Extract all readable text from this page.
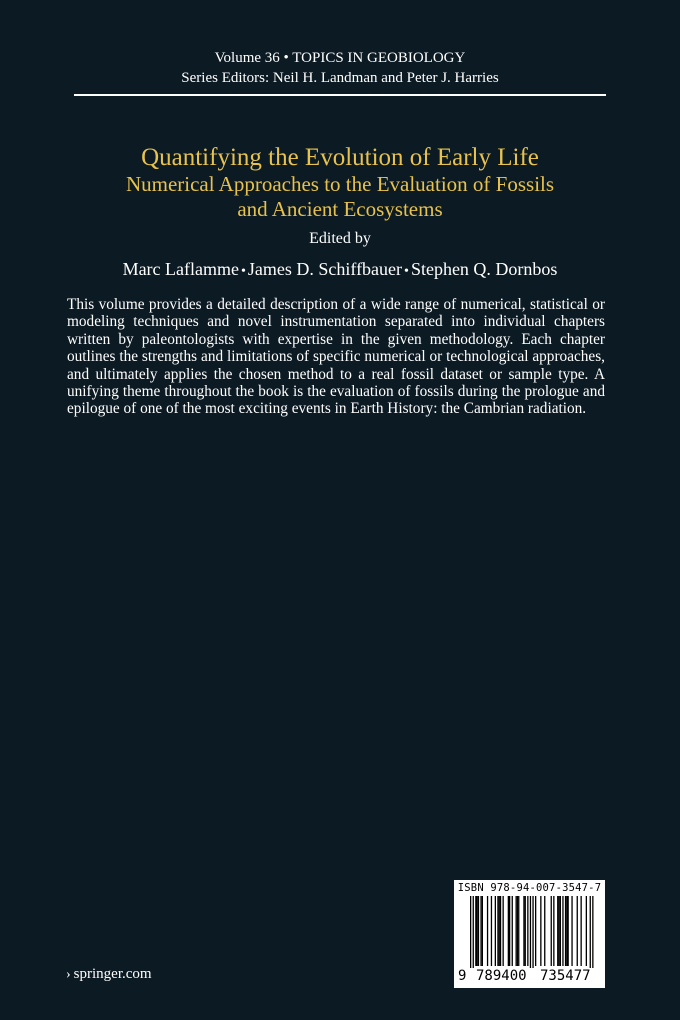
Volume 36 • TOPICS IN GEOBIOLOGY
Series Editors: Neil H. Landman and Peter J. Harries
Quantifying the Evolution of Early Life
Numerical Approaches to the Evaluation of Fossils
and Ancient Ecosystems
Edited by
Marc Laflamme • James D. Schiffbauer • Stephen Q. Dornbos
This volume provides a detailed description of a wide range of numerical, statistical or modeling techniques and novel instrumentation separated into individual chapters written by paleontologists with expertise in the given methodology. Each chapter outlines the strengths and limitations of specific numerical or technological approaches, and ultimately applies the chosen method to a real fossil dataset or sample type. A unifying theme throughout the book is the evaluation of fossils during the prologue and epilogue of one of the most exciting events in Earth History: the Cambrian radiation.
› springer.com
ISBN 978-94-007-3547-7
9 789400 735477
